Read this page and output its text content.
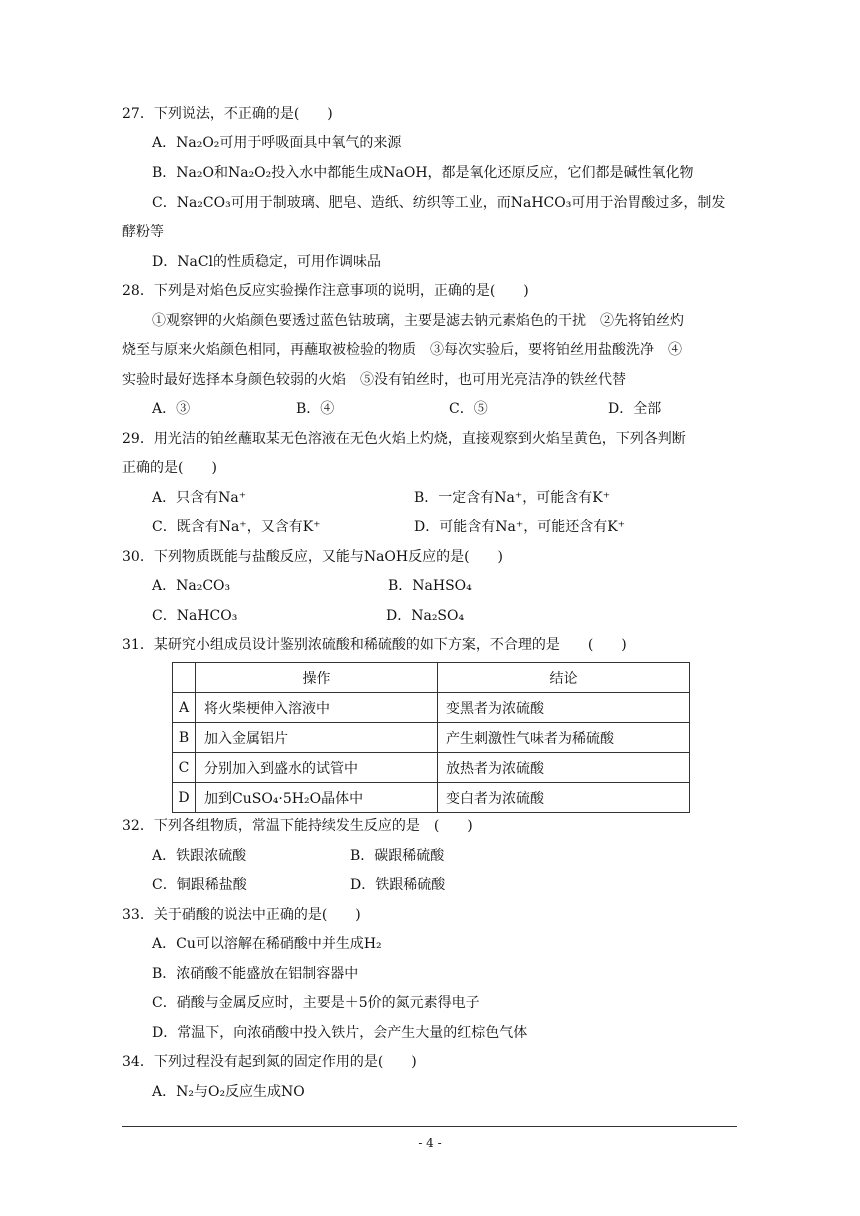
27．下列说法，不正确的是(　　)
A．Na₂O₂可用于呼吸面具中氧气的来源
B．Na₂O和Na₂O₂投入水中都能生成NaOH，都是氧化还原反应，它们都是碱性氧化物
C．Na₂CO₃可用于制玻璃、肥皂、造纸、纺织等工业，而NaHCO₃可用于治胃酸过多，制发
酵粉等
D．NaCl的性质稳定，可用作调味品
28．下列是对焰色反应实验操作注意事项的说明，正确的是(　　)
①观察钾的火焰颜色要透过蓝色钴玻璃，主要是滤去钠元素焰色的干扰　②先将铂丝灼
烧至与原来火焰颜色相同，再蘸取被检验的物质　③每次实验后，要将铂丝用盐酸洗净　④
实验时最好选择本身颜色较弱的火焰　⑤没有铂丝时，也可用光亮洁净的铁丝代替
A．③	B．④	C．⑤	D．全部
29．用光洁的铂丝蘸取某无色溶液在无色火焰上灼烧，直接观察到火焰呈黄色，下列各判断
正确的是(　　)
A．只含有Na⁺	B．一定含有Na⁺，可能含有K⁺
C．既含有Na⁺，又含有K⁺	D．可能含有Na⁺，可能还含有K⁺
30．下列物质既能与盐酸反应，又能与NaOH反应的是(　　)
A．Na₂CO₃	B．NaHSO₄
C．NaHCO₃	D．Na₂SO₄
31．某研究小组成员设计鉴别浓硫酸和稀硫酸的如下方案，不合理的是　　(　　)
	操作	结论
A	将火柴梗伸入溶液中	变黑者为浓硫酸
B	加入金属铝片	产生刺激性气味者为稀硫酸
C	分别加入到盛水的试管中	放热者为浓硫酸
D	加到CuSO₄·5H₂O晶体中	变白者为浓硫酸
32．下列各组物质，常温下能持续发生反应的是　(　　)
A．铁跟浓硫酸	B．碳跟稀硫酸
C．铜跟稀盐酸	D．铁跟稀硫酸
33．关于硝酸的说法中正确的是(　　)
A．Cu可以溶解在稀硝酸中并生成H₂
B．浓硝酸不能盛放在铝制容器中
C．硝酸与金属反应时，主要是＋5价的氮元素得电子
D．常温下，向浓硝酸中投入铁片，会产生大量的红棕色气体
34．下列过程没有起到氮的固定作用的是(　　)
A．N₂与O₂反应生成NO
- 4 -
